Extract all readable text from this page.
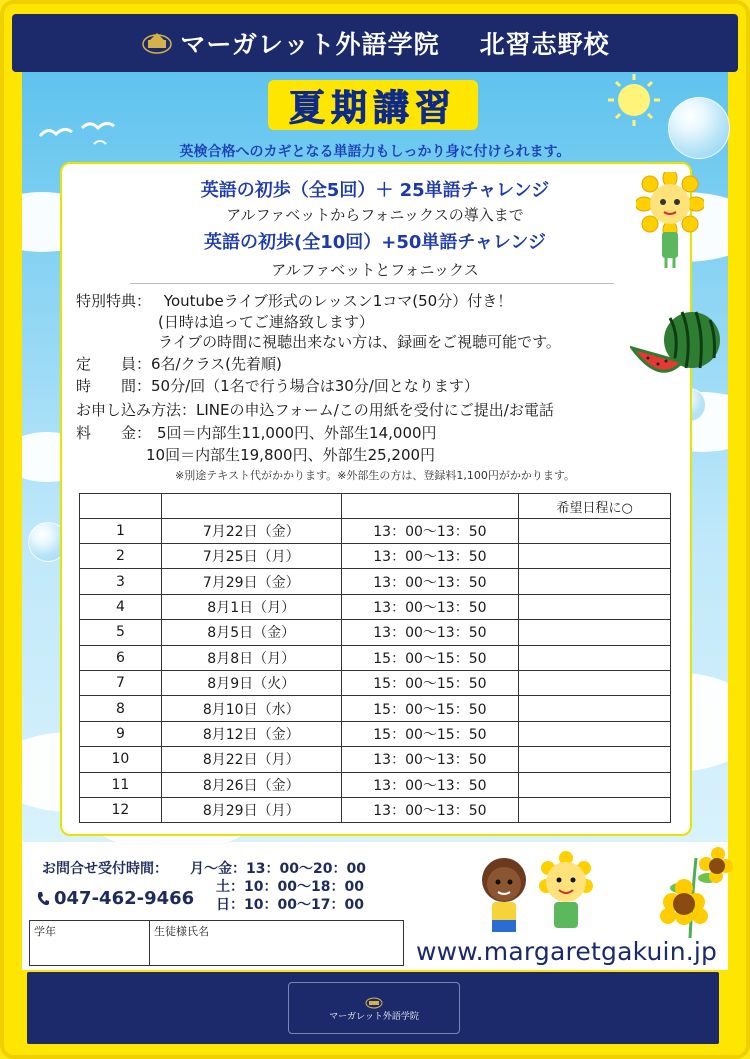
マーガレット外語学院 北習志野校
夏期講習
英検合格へのカギとなる単語力もしっかり身に付けられます。
英語の初歩（全5回）＋ 25単語チャレンジ
アルファベットからフォニックスの導入まで
英語の初歩(全10回）+50単語チャレンジ
アルファベットとフォニックス
特別特典： Youtubeライブ形式のレッスン1コマ(50分）付き！
(日時は追ってご連絡致します）
ライブの時間に視聴出来ない方は、録画をご視聴可能です。
定　　員：6名/クラス(先着順)
時　　間：50分/回（1名で行う場合は30分/回となります）
お申し込み方法：LINEの申込フォーム/この用紙を受付にご提出/お電話
料　　金： 5回＝内部生11,000円、外部生14,000円
10回＝内部生19,800円、外部生25,200円
※別途テキスト代がかかります。※外部生の方は、登録料1,100円がかかります。
			希望日程に○
1	7月22日（金）	13：00〜13：50	
2	7月25日（月）	13：00〜13：50	
3	7月29日（金）	13：00〜13：50	
4	8月1日（月）	13：00〜13：50	
5	8月5日（金）	13：00〜13：50	
6	8月8日（月）	15：00〜15：50	
7	8月9日（火）	15：00〜15：50	
8	8月10日（水）	15：00〜15：50	
9	8月12日（金）	15：00〜15：50	
10	8月22日（月）	13：00〜13：50	
11	8月26日（金）	13：00〜13：50	
12	8月29日（月）	13：00〜13：50	
お問合せ受付時間： 月〜金：13：00〜20：00
土：10：00〜18：00
日：10：00〜17：00
047-462-9466
学年	生徒様氏名
www.margaretgakuin.jp
マーガレット外語学院
